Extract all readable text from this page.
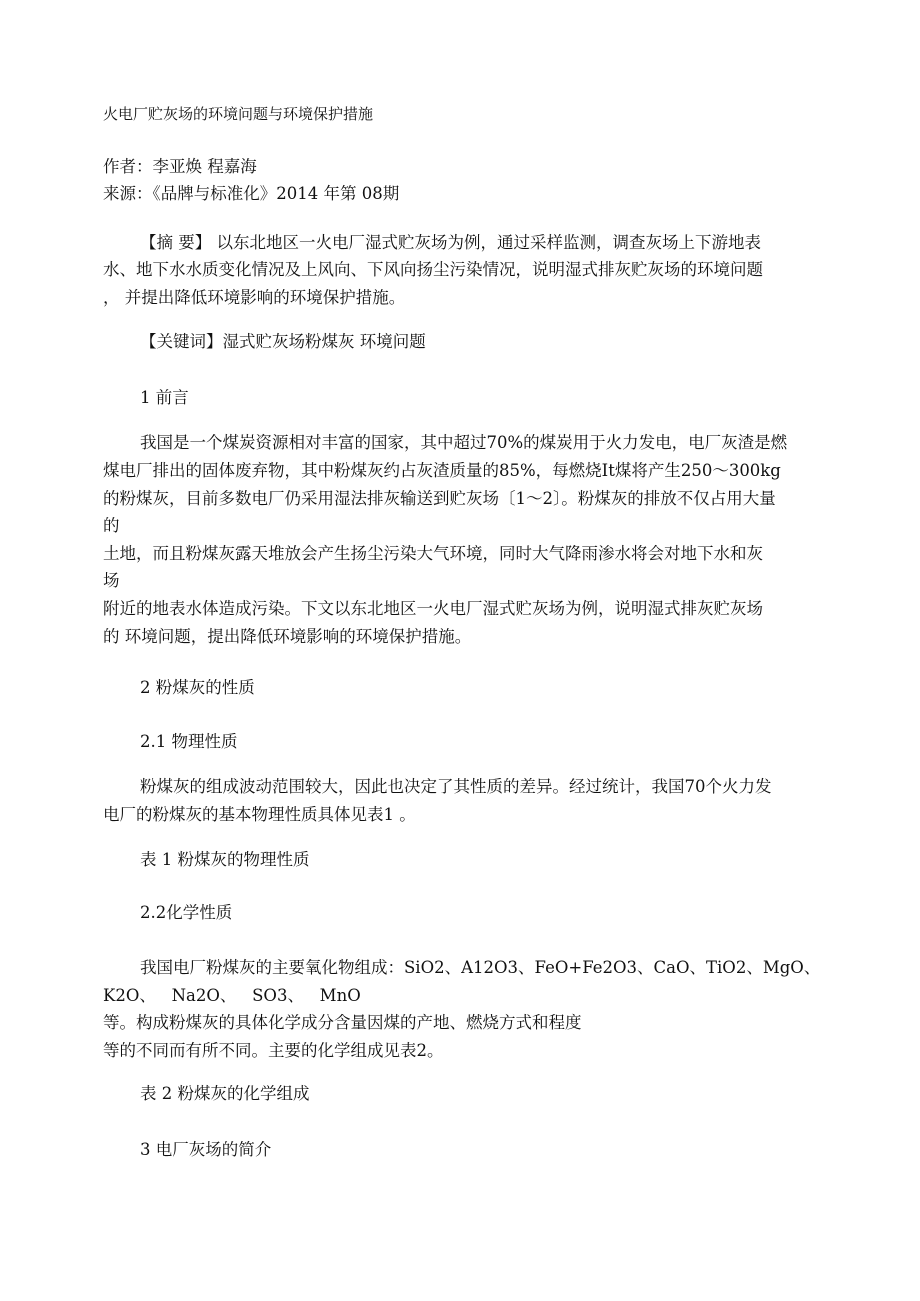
火电厂贮灰场的环境问题与环境保护措施
作者：李亚焕 程嘉海
来源：《品牌与标准化》2014 年第 08期
【摘 要】 以东北地区一火电厂湿式贮灰场为例，通过采样监测，调查灰场上下游地表
水、地下水水质变化情况及上风向、下风向扬尘污染情况，说明湿式排灰贮灰场的环境问题
， 并提出降低环境影响的环境保护措施。
【关键词】湿式贮灰场粉煤灰 环境问题
1 前言
我国是一个煤炭资源相对丰富的国家，其中超过70%的煤炭用于火力发电，电厂灰渣是燃
煤电厂排出的固体废弃物，其中粉煤灰约占灰渣质量的85%，每燃烧It煤将产生250～300kg
的粉煤灰，目前多数电厂仍采用湿法排灰输送到贮灰场〔1～2〕。粉煤灰的排放不仅占用大量
的
土地，而且粉煤灰露天堆放会产生扬尘污染大气环境，同时大气降雨渗水将会对地下水和灰
场
附近的地表水体造成污染。下文以东北地区一火电厂湿式贮灰场为例，说明湿式排灰贮灰场
的 环境问题，提出降低环境影响的环境保护措施。
2 粉煤灰的性质
2.1 物理性质
粉煤灰的组成波动范围较大，因此也决定了其性质的差异。经过统计，我国70个火力发
电厂的粉煤灰的基本物理性质具体见表1 。
表 1 粉煤灰的物理性质
2.2化学性质
我国电厂粉煤灰的主要氧化物组成：SiO2、A12O3、FeO+Fe2O3、CaO、TiO2、MgO、
K2O、   Na2O、   SO3、   MnO
等。构成粉煤灰的具体化学成分含量因煤的产地、燃烧方式和程度
等的不同而有所不同。主要的化学组成见表2。
表 2 粉煤灰的化学组成
3 电厂灰场的简介
